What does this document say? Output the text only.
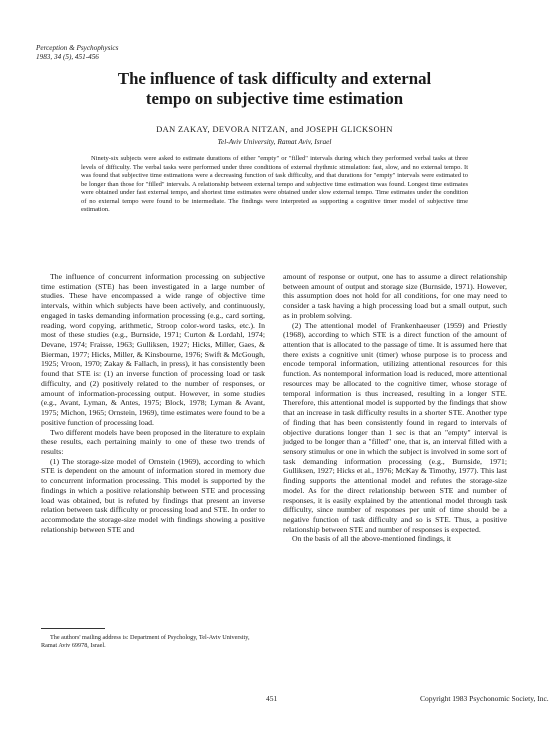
Perception & Psychophysics
1983, 34 (5), 451-456
The influence of task difficulty and external
tempo on subjective time estimation
DAN ZAKAY, DEVORA NITZAN, and JOSEPH GLICKSOHN
Tel-Aviv University, Ramat Aviv, Israel

Ninety-six subjects were asked to estimate durations of either "empty" or "filled" intervals during which they performed verbal tasks at three levels of difficulty. The verbal tasks were performed under three conditions of external rhythmic stimulation: fast, slow, and no external tempo. It was found that subjective time estimations were a decreasing function of task difficulty, and that durations for "empty" intervals were estimated to be longer than those for "filled" intervals. A relationship between external tempo and subjective time estimation was found. Longest time estimates were obtained under fast external tempo, and shortest time estimates were obtained under slow external tempo. Time estimates under the condition of no external tempo were found to be intermediate. The findings were interpreted as supporting a cognitive timer model of subjective time estimation.

The influence of concurrent information processing on subjective time estimation (STE) has been investigated in a large number of studies. These have encompassed a wide range of objective time intervals, within which subjects have been actively, and continuously, engaged in tasks demanding information processing (e.g., card sorting, reading, word copying, arithmetic, Stroop color-word tasks, etc.). In most of these studies (e.g., Burnside, 1971; Curton & Lordahl, 1974; Devane, 1974; Fraisse, 1963; Gulliksen, 1927; Hicks, Miller, Gaes, & Bierman, 1977; Hicks, Miller, & Kinsbourne, 1976; Swift & McGough, 1925; Vroon, 1970; Zakay & Fallach, in press), it has consistently been found that STE is: (1) an inverse function of processing load or task difficulty, and (2) positively related to the number of responses, or amount of information-processing output. However, in some studies (e.g., Avant, Lyman, & Antes, 1975; Block, 1978; Lyman & Avant, 1975; Michon, 1965; Ornstein, 1969), time estimates were found to be a positive function of processing load.

Two different models have been proposed in the literature to explain these results, each pertaining mainly to one of these two trends of results:

(1) The storage-size model of Ornstein (1969), according to which STE is dependent on the amount of information stored in memory due to concurrent information processing. This model is supported by the findings in which a positive relationship between STE and processing load was obtained, but is refuted by findings that present an inverse relation between task difficulty or processing load and STE. In order to accommodate the storage-size model with findings showing a positive relationship between STE and

amount of response or output, one has to assume a direct relationship between amount of output and storage size (Burnside, 1971). However, this assumption does not hold for all conditions, for one may need to consider a task having a high processing load but a small output, such as in problem solving.

(2) The attentional model of Frankenhaeuser (1959) and Priestly (1968), according to which STE is a direct function of the amount of attention that is allocated to the passage of time. It is assumed here that there exists a cognitive unit (timer) whose purpose is to process and encode temporal information, utilizing attentional resources for this function. As nontemporal information load is reduced, more attentional resources may be allocated to the cognitive timer, whose storage of temporal information is thus increased, resulting in a longer STE. Therefore, this attentional model is supported by the findings that show that an increase in task difficulty results in a shorter STE. Another type of finding that has been consistently found in regard to intervals of objective durations longer than 1 sec is that an "empty" interval is judged to be longer than a "filled" one, that is, an interval filled with a sensory stimulus or one in which the subject is involved in some sort of task demanding information processing (e.g., Burnside, 1971; Gulliksen, 1927; Hicks et al., 1976; McKay & Timothy, 1977). This last finding supports the attentional model and refutes the storage-size model. As for the direct relationship between STE and number of responses, it is easily explained by the attentional model through task difficulty, since number of responses per unit of time should be a negative function of task difficulty and so is STE. Thus, a positive relationship between STE and number of responses is expected.

On the basis of all the above-mentioned findings, it

The authors' mailing address is: Department of Psychology, Tel-Aviv University, Ramat Aviv 69978, Israel.
451	Copyright 1983 Psychonomic Society, Inc.
